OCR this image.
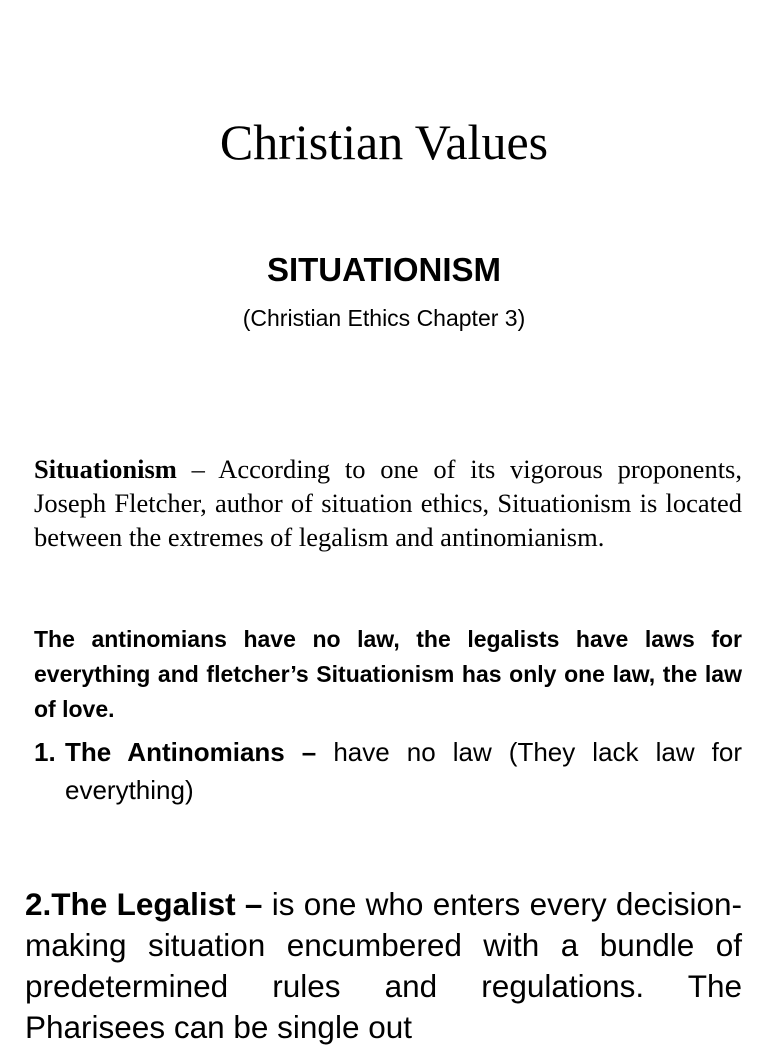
Christian Values
SITUATIONISM

(Christian Ethics Chapter 3)

Situationism – According to one of its vigorous proponents, Joseph Fletcher, author of situation ethics, Situationism is located between the extremes of legalism and antinomianism.

The antinomians have no law, the legalists have laws for everything and fletcher’s Situationism has only one law, the law of love.

1. The Antinomians – have no law (They lack law for everything)

2.The Legalist – is one who enters every decision-making situation encumbered with a bundle of predetermined rules and regulations. The Pharisees can be single out
